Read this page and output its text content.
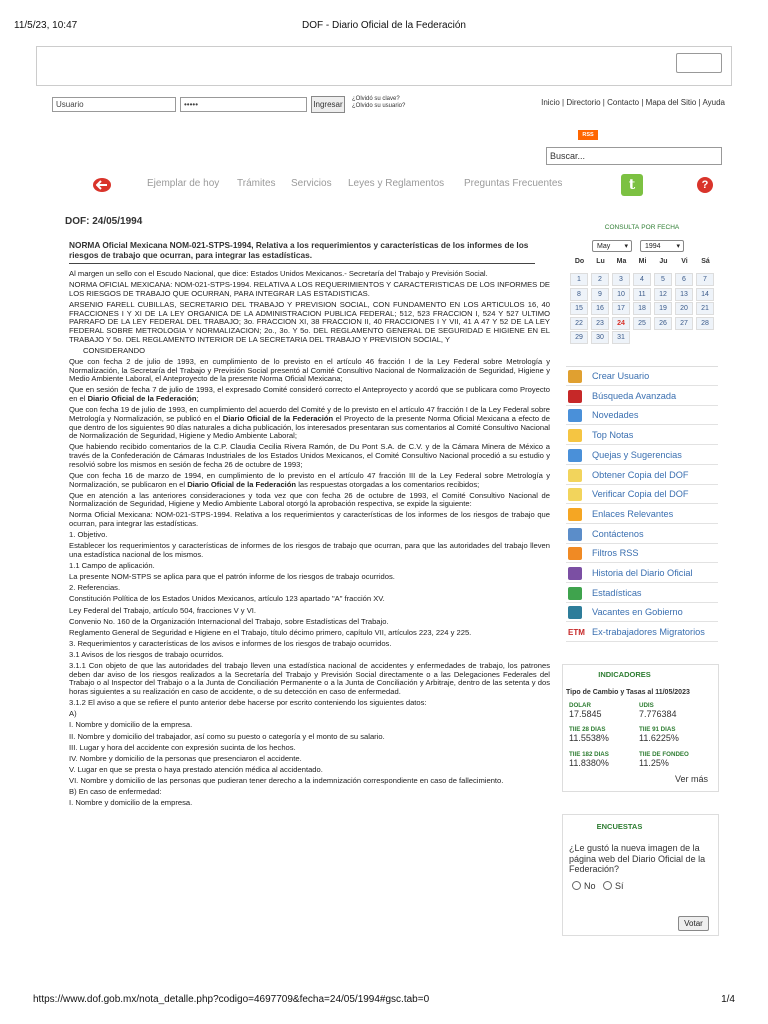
11/5/23, 10:47	DOF - Diario Oficial de la Federación
Usuario	•••••	Ingresar
¿Olvidó su clave?
¿Olvido su usuario?	Inicio | Directorio | Contacto | Mapa del Sitio | Ayuda
RSS
Buscar...
Ejemplar de hoy Trámites Servicios Leyes y Reglamentos Preguntas Frecuentes	t	?
DOF: 24/05/1994
NORMA Oficial Mexicana NOM-021-STPS-1994, Relativa a los requerimientos y características de los informes de los riesgos de trabajo que ocurran, para integrar las estadísticas.

Al margen un sello con el Escudo Nacional, que dice: Estados Unidos Mexicanos.- Secretaría del Trabajo y Previsión Social.

NORMA OFICIAL MEXICANA: NOM-021-STPS-1994. RELATIVA A LOS REQUERIMIENTOS Y CARACTERISTICAS DE LOS INFORMES DE LOS RIESGOS DE TRABAJO QUE OCURRAN, PARA INTEGRAR LAS ESTADISTICAS.

ARSENIO FARELL CUBILLAS, SECRETARIO DEL TRABAJO Y PREVISION SOCIAL, CON FUNDAMENTO EN LOS ARTICULOS 16, 40 FRACCIONES I Y XI DE LA LEY ORGANICA DE LA ADMINISTRACION PUBLICA FEDERAL; 512, 523 FRACCION I, 524 Y 527 ULTIMO PARRAFO DE LA LEY FEDERAL DEL TRABAJO; 3o. FRACCION XI, 38 FRACCION II, 40 FRACCIONES I Y VII, 41 A 47 Y 52 DE LA LEY FEDERAL SOBRE METROLOGIA Y NORMALIZACION; 2o., 3o. Y 5o. DEL REGLAMENTO GENERAL DE SEGURIDAD E HIGIENE EN EL TRABAJO Y 5o. DEL REGLAMENTO INTERIOR DE LA SECRETARIA DEL TRABAJO Y PREVISION SOCIAL, Y

CONSIDERANDO

Que con fecha 2 de julio de 1993, en cumplimiento de lo previsto en el artículo 46 fracción I de la Ley Federal sobre Metrología y Normalización, la Secretaría del Trabajo y Previsión Social presentó al Comité Consultivo Nacional de Normalización de Seguridad, Higiene y Medio Ambiente Laboral, el Anteproyecto de la presente Norma Oficial Mexicana;

Que en sesión de fecha 7 de julio de 1993, el expresado Comité consideró correcto el Anteproyecto y acordó que se publicara como Proyecto en el Diario Oficial de la Federación;

Que con fecha 19 de julio de 1993, en cumplimiento del acuerdo del Comité y de lo previsto en el artículo 47 fracción I de la Ley Federal sobre Metrología y Normalización, se publicó en el Diario Oficial de la Federación el Proyecto de la presente Norma Oficial Mexicana a efecto de que dentro de los siguientes 90 días naturales a dicha publicación, los interesados presentaran sus comentarios al Comité Consultivo Nacional de Normalización de Seguridad, Higiene y Medio Ambiente Laboral;

Que habiendo recibido comentarios de la C.P. Claudia Cecilia Rivera Ramón, de Du Pont S.A. de C.V. y de la Cámara Minera de México a través de la Confederación de Cámaras Industriales de los Estados Unidos Mexicanos, el Comité Consultivo Nacional procedió a su estudio y resolvió sobre los mismos en sesión de fecha 26 de octubre de 1993;

Que con fecha 16 de marzo de 1994, en cumplimiento de lo previsto en el artículo 47 fracción III de la Ley Federal sobre Metrología y Normalización, se publicaron en el Diario Oficial de la Federación las respuestas otorgadas a los comentarios recibidos;

Que en atención a las anteriores consideraciones y toda vez que con fecha 26 de octubre de 1993, el Comité Consultivo Nacional de Normalización de Seguridad, Higiene y Medio Ambiente Laboral otorgó la aprobación respectiva, se expide la siguiente:

Norma Oficial Mexicana: NOM-021-STPS-1994. Relativa a los requerimientos y características de los informes de los riesgos de trabajo que ocurran, para integrar las estadísticas.

1. Objetivo.

Establecer los requerimientos y características de informes de los riesgos de trabajo que ocurran, para que las autoridades del trabajo lleven una estadística nacional de los mismos.

1.1 Campo de aplicación.

La presente NOM-STPS se aplica para que el patrón informe de los riesgos de trabajo ocurridos.

2. Referencias.

Constitución Política de los Estados Unidos Mexicanos, artículo 123 apartado "A" fracción XV.

Ley Federal del Trabajo, artículo 504, fracciones V y VI.

Convenio No. 160 de la Organización Internacional del Trabajo, sobre Estadísticas del Trabajo.

Reglamento General de Seguridad e Higiene en el Trabajo, título décimo primero, capítulo VII, artículos 223, 224 y 225.

3. Requerimientos y características de los avisos e informes de los riesgos de trabajo ocurridos.

3.1 Avisos de los riesgos de trabajo ocurridos.

3.1.1 Con objeto de que las autoridades del trabajo lleven una estadística nacional de accidentes y enfermedades de trabajo, los patrones deben dar aviso de los riesgos realizados a la Secretaría del Trabajo y Previsión Social directamente o a las Delegaciones Federales del Trabajo o al Inspector del Trabajo o a la Junta de Conciliación Permanente o a la Junta de Conciliación y Arbitraje, dentro de las setenta y dos horas siguientes a su realización en caso de accidente, o de su detección en caso de enfermedad.

3.1.2 El aviso a que se refiere el punto anterior debe hacerse por escrito conteniendo los siguientes datos:

A)

I. Nombre y domicilio de la empresa.

II. Nombre y domicilio del trabajador, así como su puesto o categoría y el monto de su salario.

III. Lugar y hora del accidente con expresión sucinta de los hechos.

IV. Nombre y domicilio de la personas que presenciaron el accidente.

V. Lugar en que se presta o haya prestado atención médica al accidentado.

VI. Nombre y domicilio de las personas que pudieran tener derecho a la indemnización correspondiente en caso de fallecimiento.

B) En caso de enfermedad:

I. Nombre y domicilio de la empresa.

CONSULTA POR FECHA
May ▾	1994 ▾
Do	Lu	Ma	Mi	Ju	Vi	Sá
1	2	3	4	5	6	7
8	9	10	11	12	13	14
15	16	17	18	19	20	21
22	23	24	25	26	27	28
29	30	31
Crear Usuario
Búsqueda Avanzada
Novedades
Top Notas
Quejas y Sugerencias
Obtener Copia del DOF
Verificar Copia del DOF
Enlaces Relevantes
Contáctenos
Filtros RSS
Historia del Diario Oficial
Estadísticas
Vacantes en Gobierno
ETM Ex-trabajadores Migratorios
INDICADORES
Tipo de Cambio y Tasas al 11/05/2023
DOLAR
17.5845
UDIS
7.776384
TIIE 28 DIAS
11.5538%
TIIE 91 DIAS
11.6225%
TIIE 182 DIAS
11.8380%
TIIE DE FONDEO
11.25%
Ver más
ENCUESTAS
¿Le gustó la nueva imagen de la página web del Diario Oficial de la Federación?
No Sí
Votar
https://www.dof.gob.mx/nota_detalle.php?codigo=4697709&fecha=24/05/1994#gsc.tab=0	1/4
